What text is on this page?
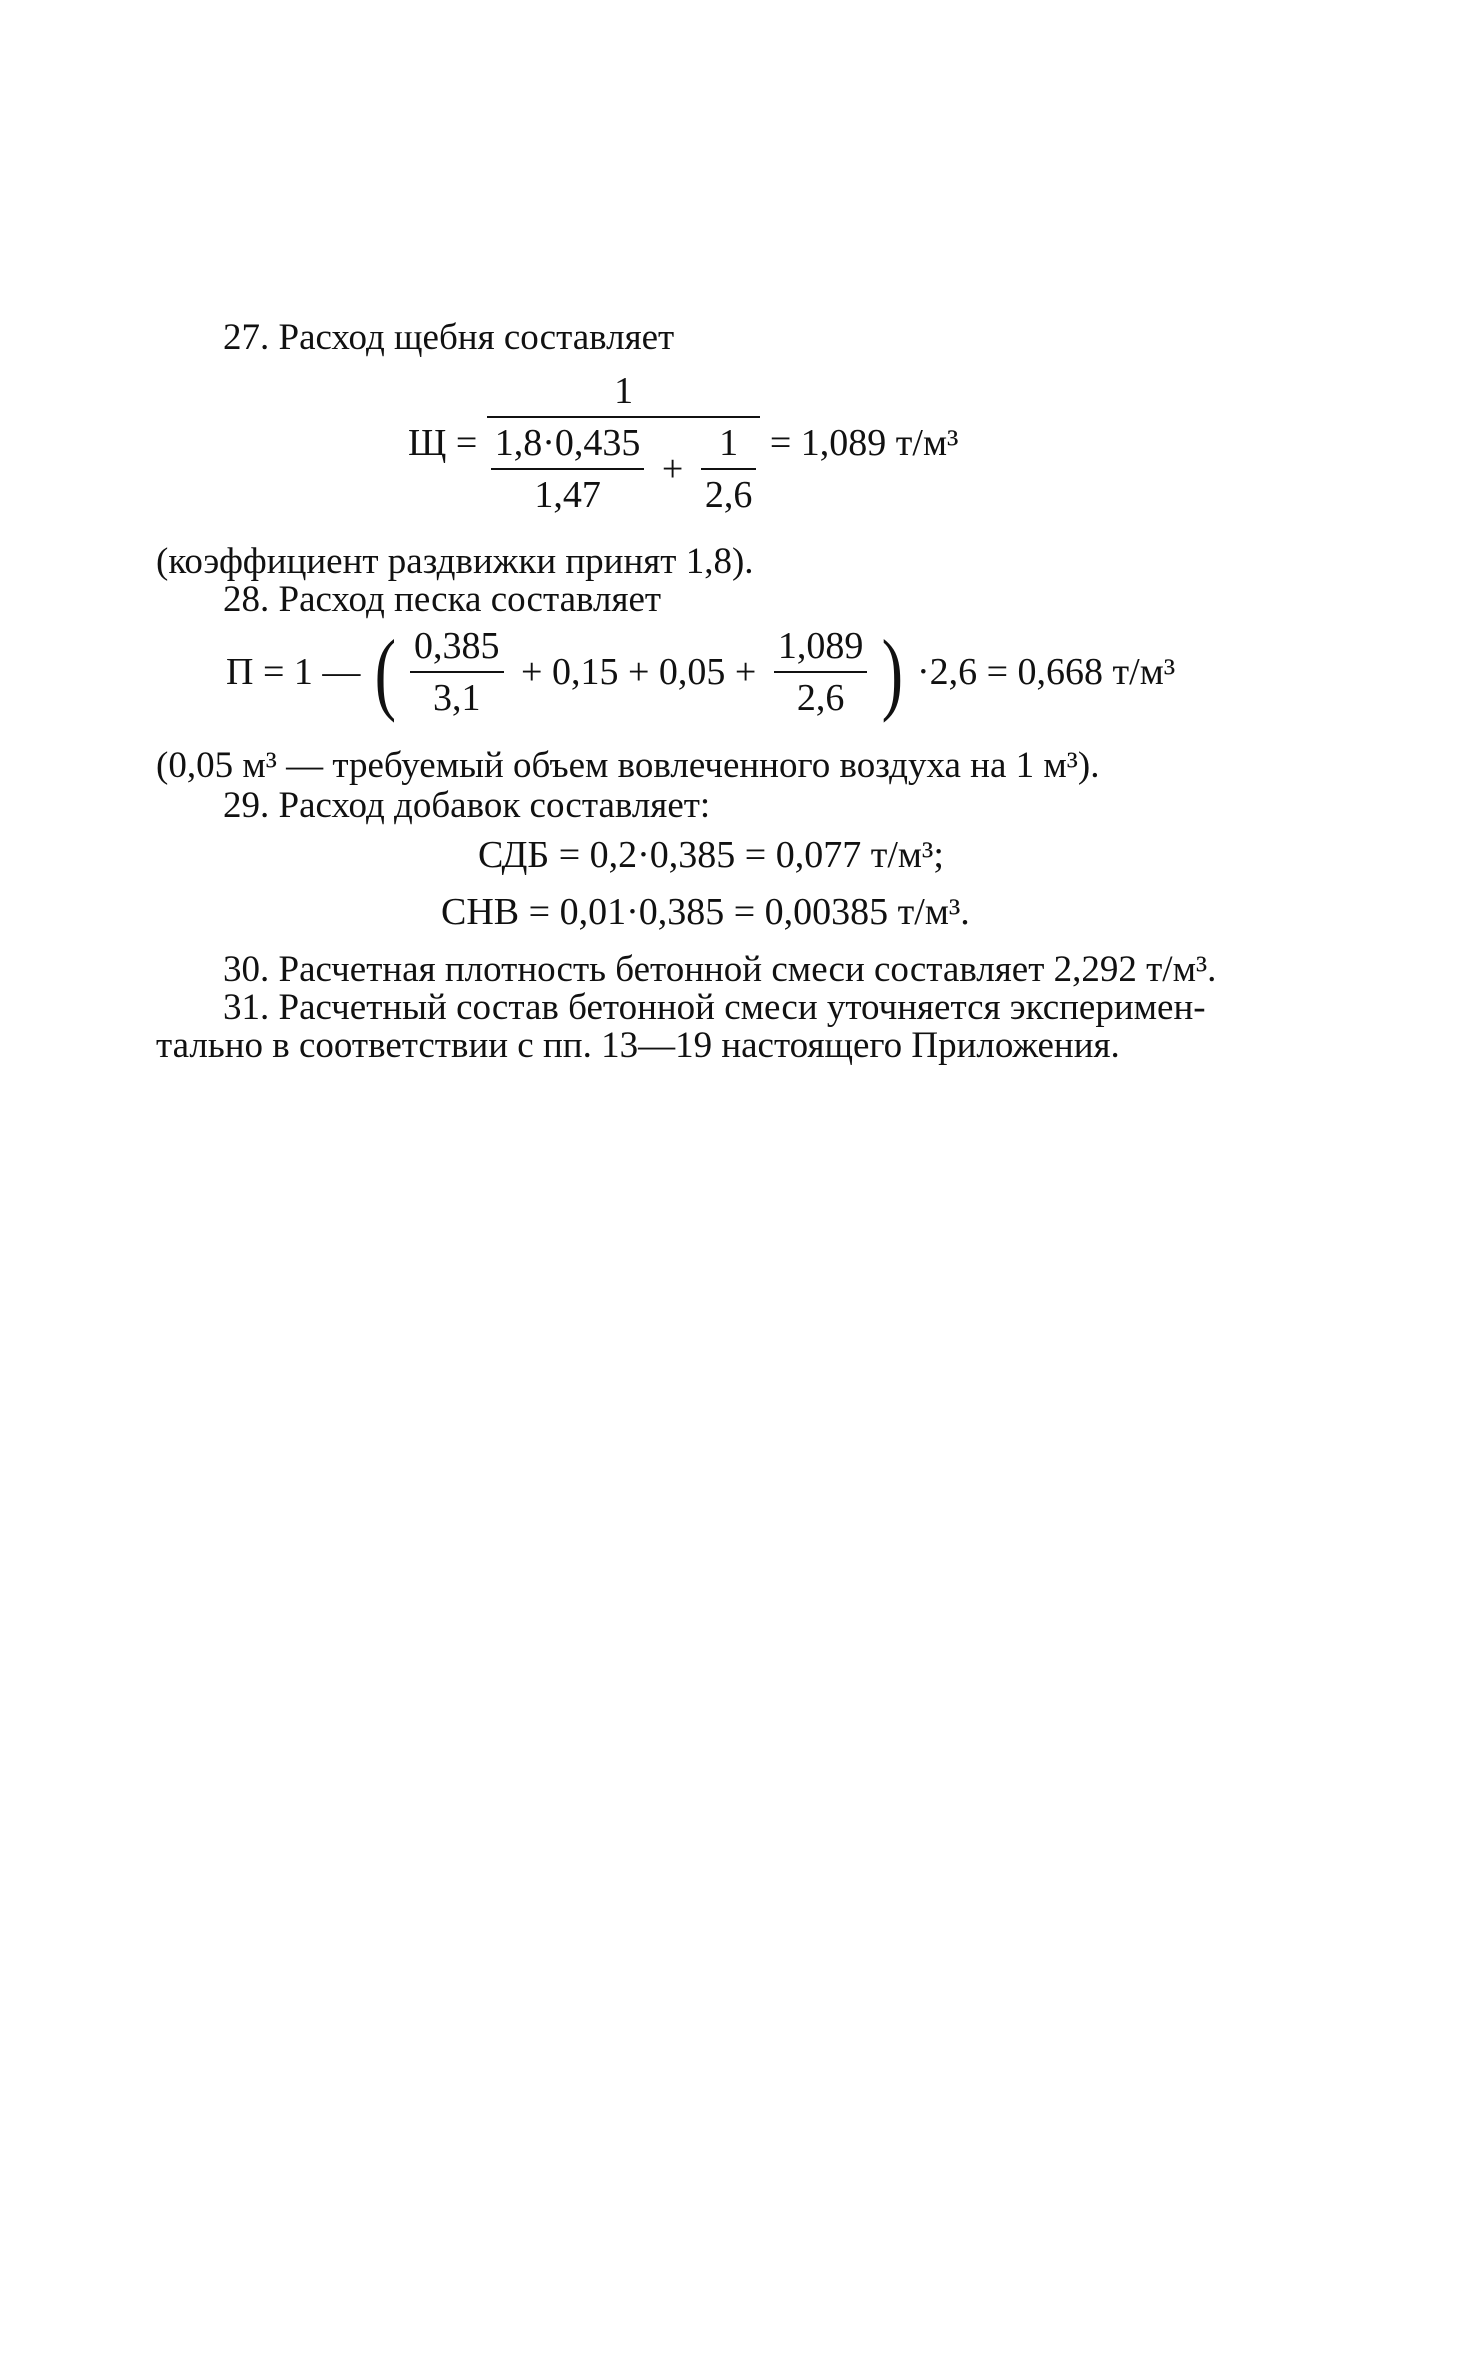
27. Расход щебня составляет
Щ =
1
$\frac{1,8\cdot 0,435}{1,47} + \frac{1}{2,6} = 1,089$ т/м³
(коэффициент раздвижки принят 1,8).
28. Расход песка составляет
П = 1 — ( $\frac{0,385}{3,1} + 0,15 + 0,05 + \frac{1,089}{2,6}$ ) ·2,6 = 0,668 т/м³
(0,05 м³ — требуемый объем вовлеченного воздуха на 1 м³).
29. Расход добавок составляет:
СДБ = 0,2·0,385 = 0,077 т/м³;
СНВ = 0,01·0,385 = 0,00385 т/м³.
30. Расчетная плотность бетонной смеси составляет 2,292 т/м³.
31. Расчетный состав бетонной смеси уточняется эксперимен-
тально в соответствии с пп. 13—19 настоящего Приложения.
